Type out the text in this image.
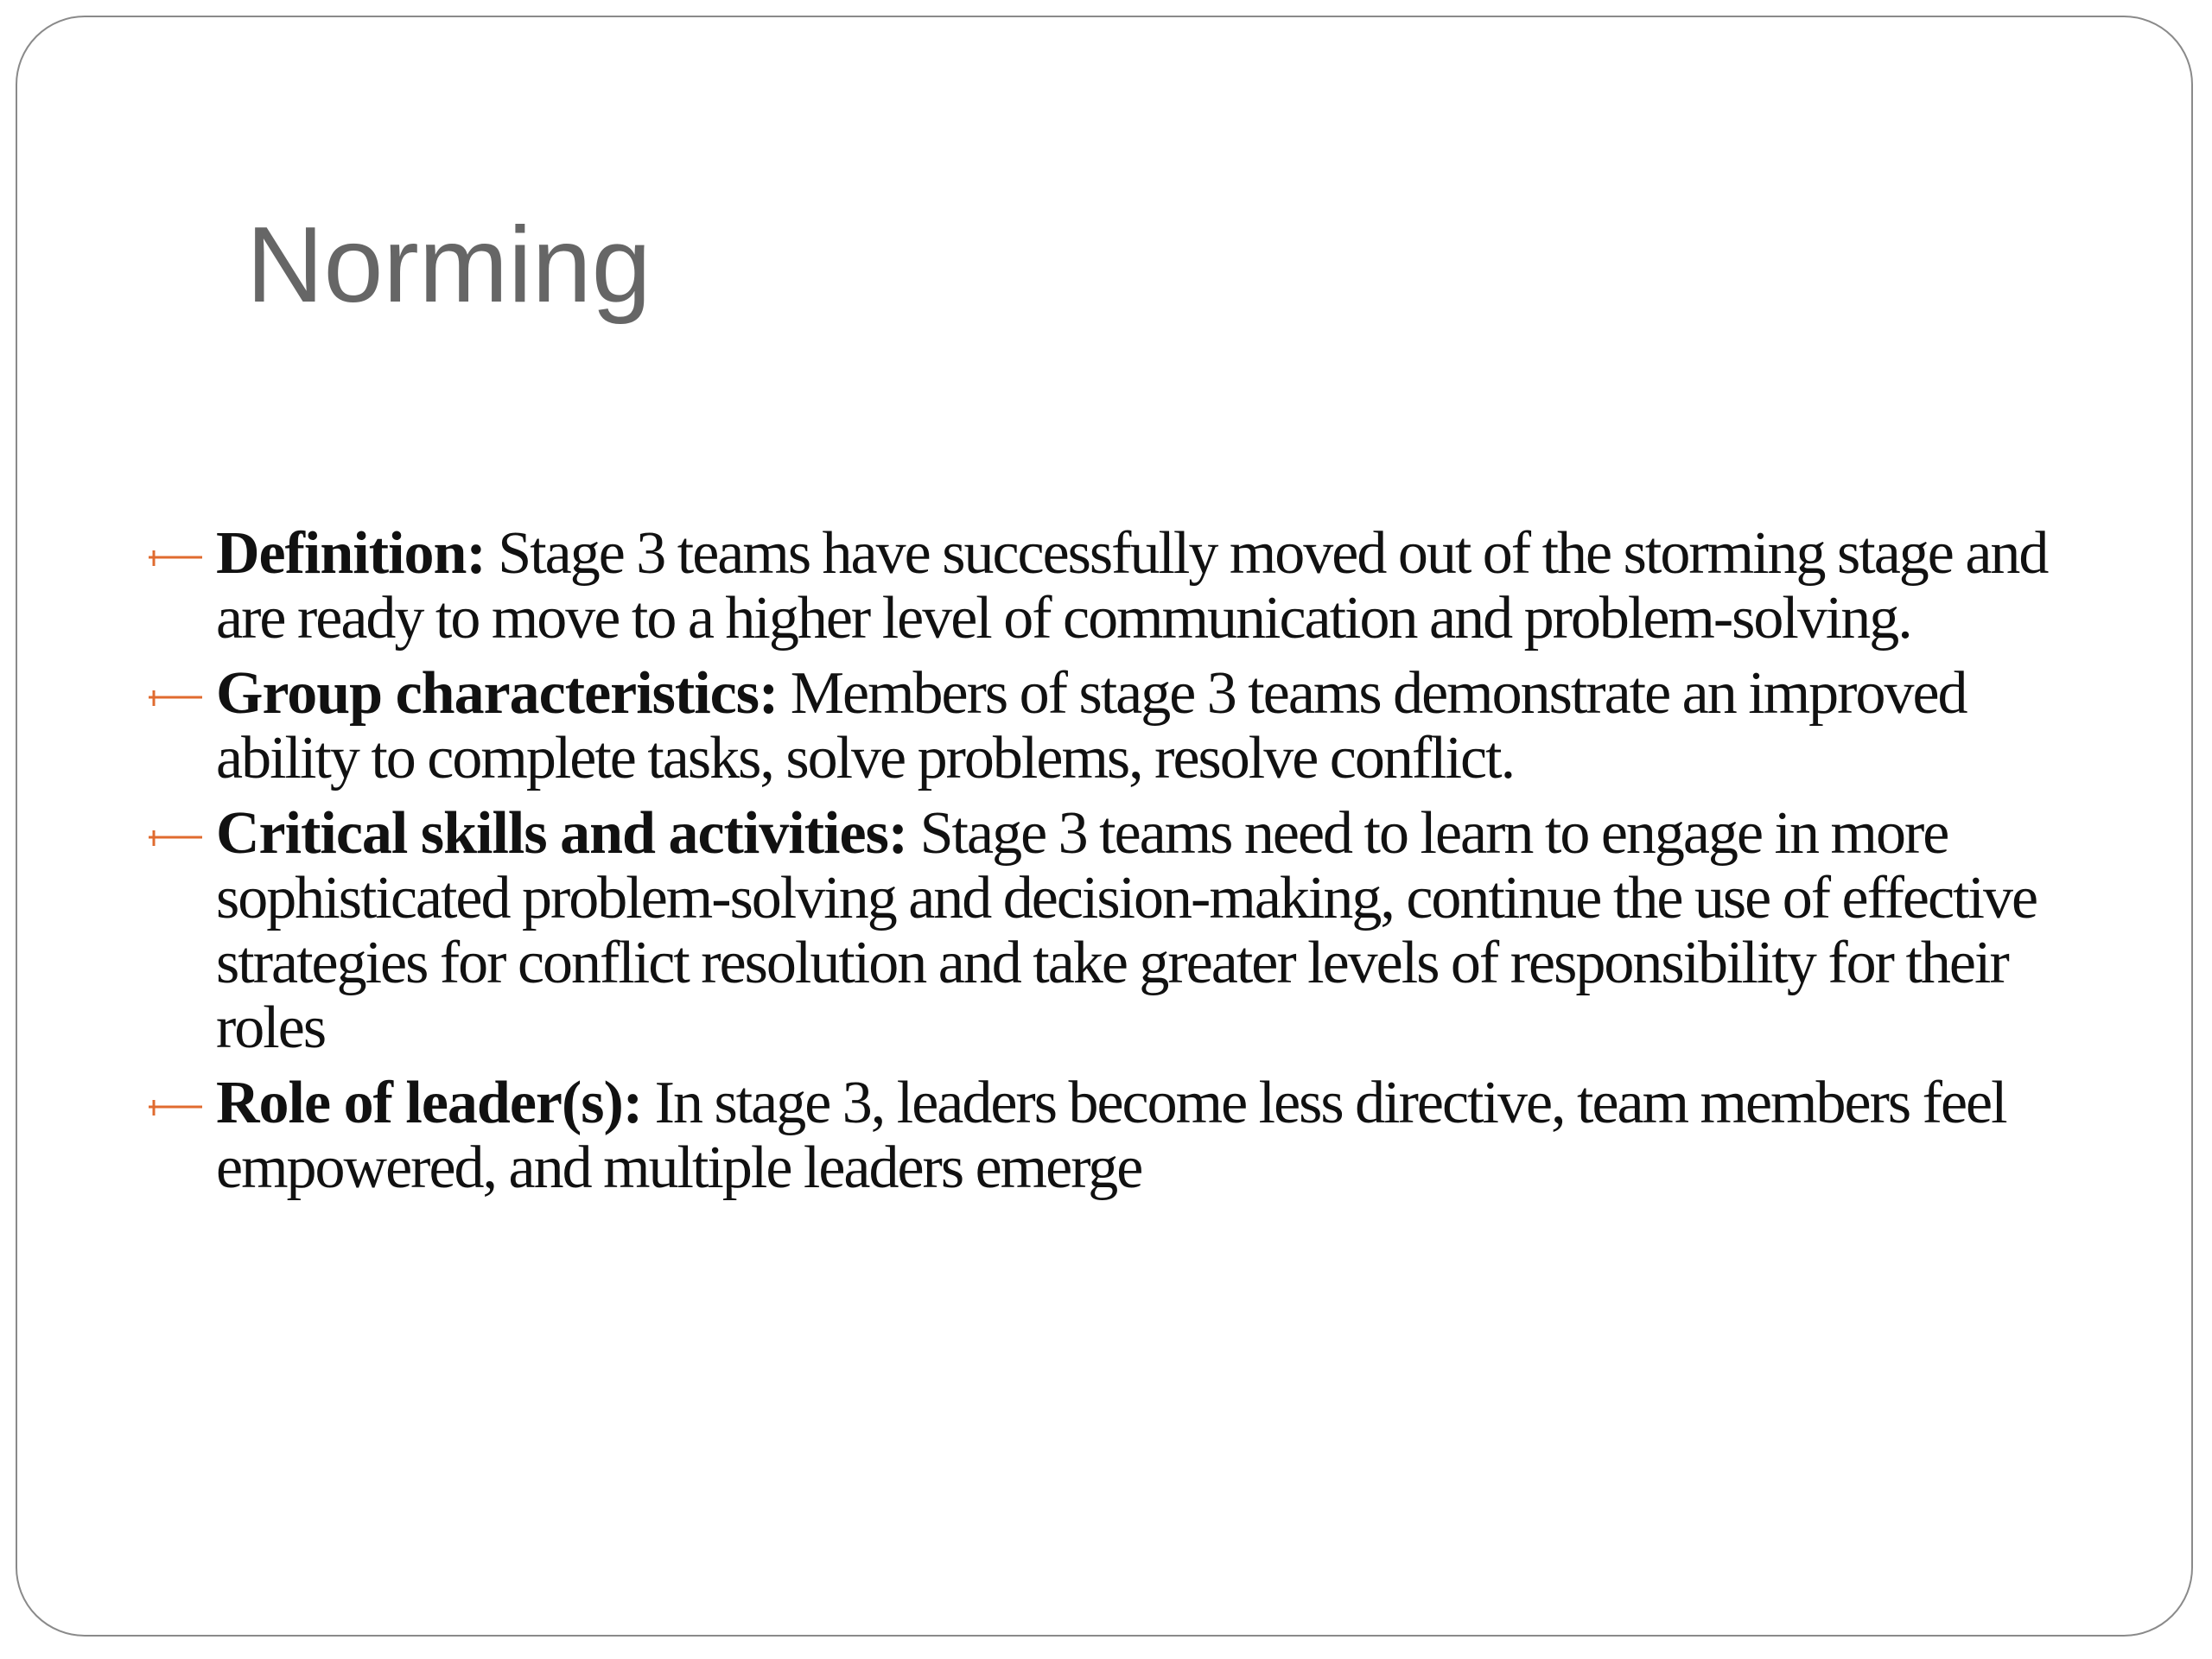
Norming
Definition: Stage 3 teams have successfully moved out of the storming stage and are ready to move to a higher level of communication and problem-solving.
Group characteristics: Members of stage 3 teams demonstrate an improved ability to complete tasks, solve problems, resolve conflict.
Critical skills and activities: Stage 3 teams need to learn to engage in more sophisticated problem-solving and decision-making, continue the use of effective strategies for conflict resolution and take greater levels of responsibility for their roles
Role of leader(s): In stage 3, leaders become less directive, team members feel empowered, and multiple leaders emerge
